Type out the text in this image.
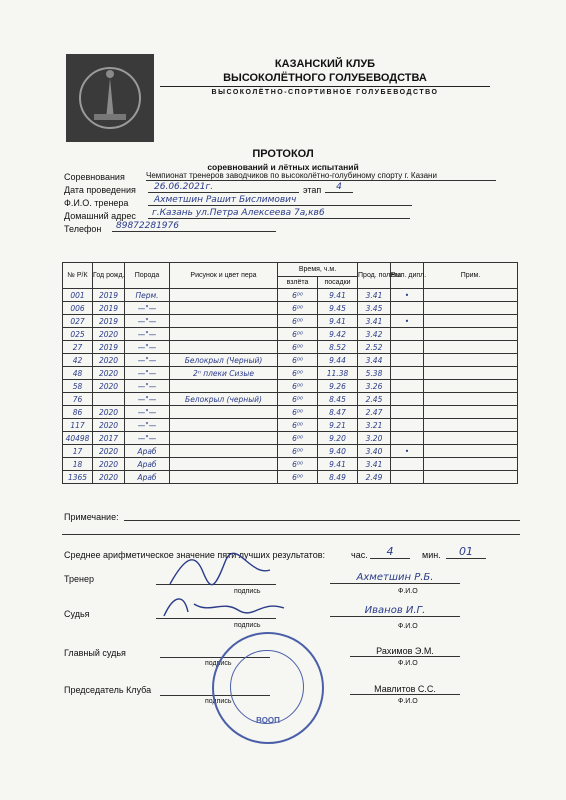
КАЗАНСКИЙ КЛУБ
ВЫСОКОЛЁТНОГО ГОЛУБЕВОДСТВА
ВЫСОКОЛЁТНО-СПОРТИВНОЕ ГОЛУБЕВОДСТВО
ПРОТОКОЛ
соревнований и лётных испытаний
Соревнования	Чемпионат тренеров заводчиков по высоколётно-голубиному спорту г. Казани
Дата проведения	26.06.2021г.	этап	4
Ф.И.О. тренера	Ахметшин Рашит Бислимович
Домашний адрес	г.Казань ул.Петра Алексеева 7а,кв6
Телефон	89872281976
№ Р/К	Год рожд.	Порода	Рисунок и цвет пера	Время, ч.м.		Прод. полёта	Вып. дипл.	Прим.
				взлёта	посадки			
001	2019	Перм.		6⁰⁰	9.41	3.41	•	
006	2019	—"—		6⁰⁰	9.45	3.45		
027	2019	—"—		6⁰⁰	9.41	3.41	•	
025	2020	—"—		6⁰⁰	9.42	3.42		
27	2019	—"—		6⁰⁰	8.52	2.52		
42	2020	—"—	Белокрыл (Черный)	6⁰⁰	9.44	3.44		
48	2020	—"—	2ⁿ плеки Сизые	6⁰⁰	11.38	5.38		
58	2020	—"—		6⁰⁰	9.26	3.26		
76		—"—	Белокрыл (черный)	6⁰⁰	8.45	2.45		
86	2020	—"—		6⁰⁰	8.47	2.47		
117	2020	—"—		6⁰⁰	9.21	3.21		
40498	2017	—"—		6⁰⁰	9.20	3.20		
17	2020	Араб		6⁰⁰	9.40	3.40	•	
18	2020	Араб		6⁰⁰	9.41	3.41		
1365	2020	Араб		6⁰⁰	8.49	2.49		
Примечание:
Среднее арифметическое значение пяти лучших результатов:	час.	4	мин.	01
Тренер
подпись
Ахметшин Р.Б.
Ф.И.О
Судья
подпись
Иванов И.Г.
Ф.И.О
Главный судья
подпись
Рахимов Э.М.
Ф.И.О
Председатель Клуба
подпись
Мавлитов С.С.
Ф.И.О
ВООП
